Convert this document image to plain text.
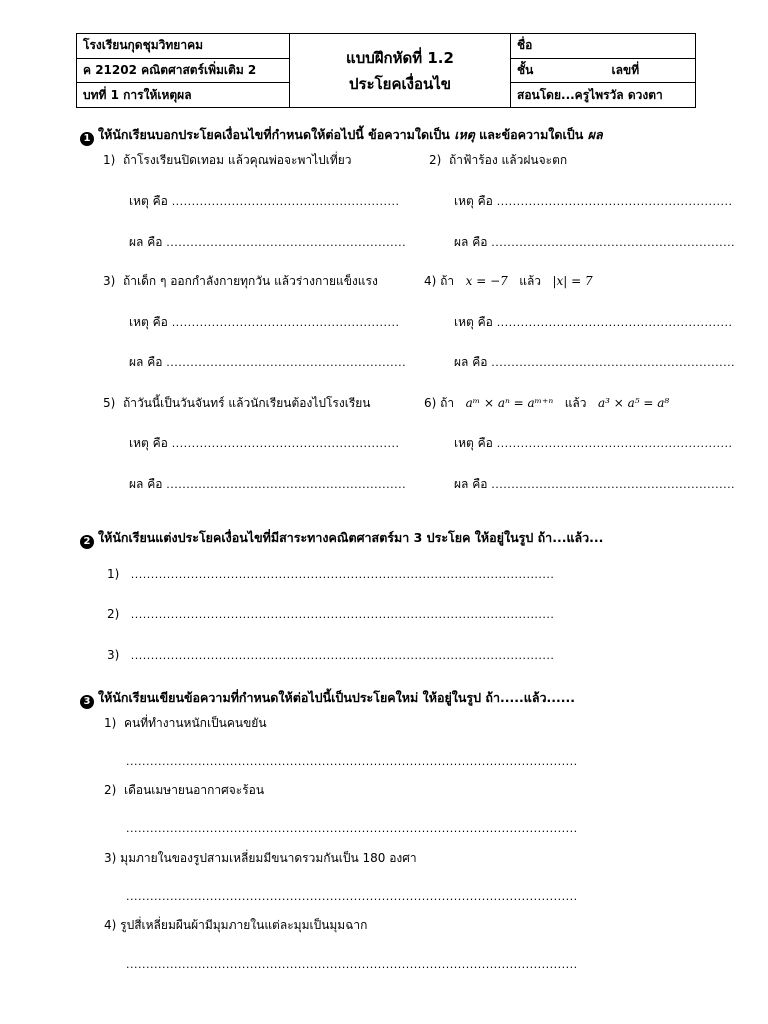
โรงเรียนกุดชุมวิทยาคม	แบบฝึกหัดที่ 1.2
ประโยคเงื่อนไข	ชื่อ
ค 21202 คณิตศาสตร์เพิ่มเติม 2		ชั้น เลขที่
บทที่ 1 การให้เหตุผล		สอนโดย...ครูไพรวัล ดวงตา
1 ให้นักเรียนบอกประโยคเงื่อนไขที่กำหนดให้ต่อไปนี้ ข้อความใดเป็น เหตุ และข้อความใดเป็น ผล
1) ถ้าโรงเรียนปิดเทอม แล้วคุณพ่อจะพาไปเที่ยว
เหตุ คือ .........................................................
ผล คือ ............................................................
2) ถ้าฟ้าร้อง แล้วฝนจะตก
เหตุ คือ ...........................................................
ผล คือ .............................................................
3) ถ้าเด็ก ๆ ออกกำลังกายทุกวัน แล้วร่างกายแข็งแรง
เหตุ คือ .........................................................
ผล คือ ............................................................
4) ถ้า x = −7 แล้ว |x| = 7
เหตุ คือ ...........................................................
ผล คือ .............................................................
5) ถ้าวันนี้เป็นวันจันทร์ แล้วนักเรียนต้องไปโรงเรียน
เหตุ คือ .........................................................
ผล คือ ............................................................
6) ถ้า aᵐ × aⁿ = aᵐ⁺ⁿ แล้ว a³ × a⁵ = a⁸
เหตุ คือ ...........................................................
ผล คือ .............................................................
2 ให้นักเรียนแต่งประโยคเงื่อนไขที่มีสาระทางคณิตศาสตร์มา 3 ประโยค ให้อยู่ในรูป ถ้า...แล้ว...
1) ..........................................................................................................
2) ..........................................................................................................
3) ..........................................................................................................
3 ให้นักเรียนเขียนข้อความที่กำหนดให้ต่อไปนี้เป็นประโยคใหม่ ให้อยู่ในรูป ถ้า.....แล้ว......
1) คนที่ทำงานหนักเป็นคนขยัน
.................................................................................................................
2) เดือนเมษายนอากาศจะร้อน
.................................................................................................................
3) มุมภายในของรูปสามเหลี่ยมมีขนาดรวมกันเป็น 180 องศา
.................................................................................................................
4) รูปสี่เหลี่ยมผืนผ้ามีมุมภายในแต่ละมุมเป็นมุมฉาก
.................................................................................................................
